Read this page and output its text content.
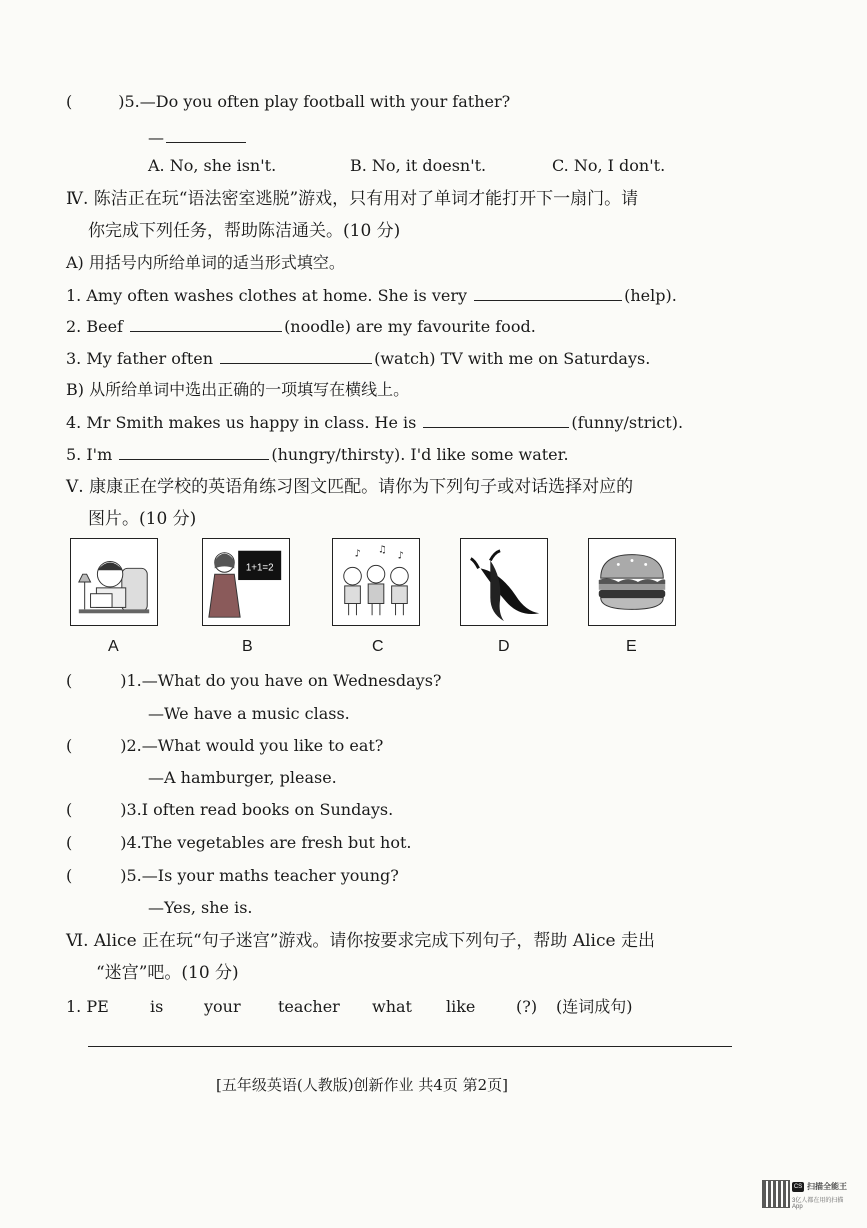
(	)5.—Do you often play football with your father?
—
A. No, she isn't.	B. No, it doesn't.	C. No, I don't.
Ⅳ. 陈洁正在玩“语法密室逃脱”游戏，只有用对了单词才能打开下一扇门。请
你完成下列任务，帮助陈洁通关。(10 分)
A) 用括号内所给单词的适当形式填空。
1. Amy often washes clothes at home. She is very	(help).
2. Beef	(noodle) are my favourite food.
3. My father often	(watch) TV with me on Saturdays.
B) 从所给单词中选出正确的一项填写在横线上。
4. Mr Smith makes us happy in class. He is	(funny/strict).
5. I'm	(hungry/thirsty). I'd like some water.
Ⅴ. 康康正在学校的英语角练习图文匹配。请你为下列句子或对话选择对应的
图片。(10 分)
A
1+1=2
B
♪ ♫
♪
C	D	E
(	)1.—What do you have on Wednesdays?
—We have a music class.
(	)2.—What would you like to eat?
—A hamburger, please.
(	)3.I often read books on Sundays.
(	)4.The vegetables are fresh but hot.
(	)5.—Is your maths teacher young?
—Yes, she is.
Ⅵ. Alice 正在玩“句子迷宫”游戏。请你按要求完成下列句子，帮助 Alice 走出
“迷宫”吧。(10 分)
1. PE	is	your teacher what like	(?) (连词成句)
[五年级英语(人教版)创新作业 共4页 第2页]
CS 扫描全能王
3亿人都在用的扫描App
